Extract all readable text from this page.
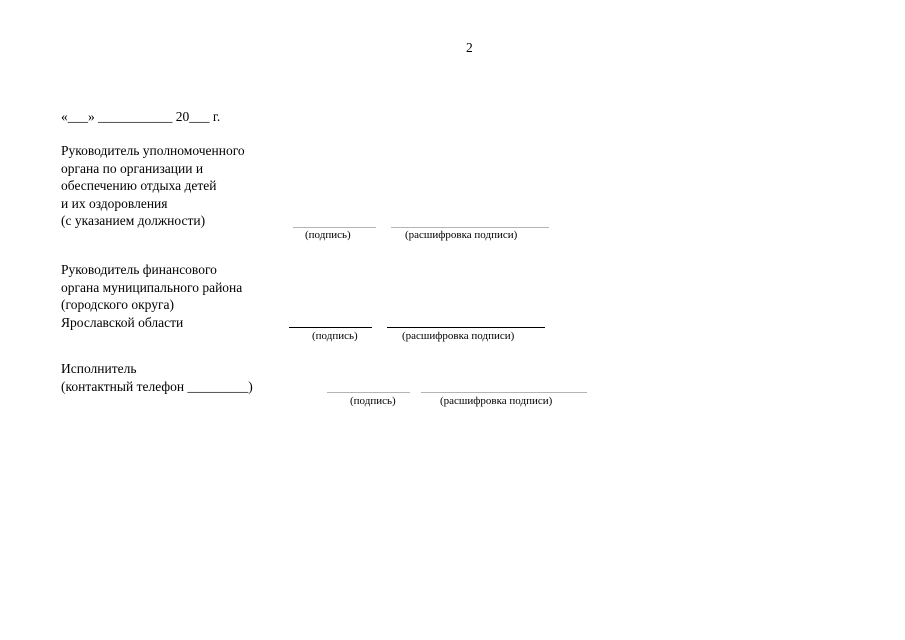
2
«___» ___________ 20___ г.
Руководитель уполномоченного
органа по организации и
обеспечению отдыха детей
и их оздоровления
(с указанием должности)
(подпись)	(расшифровка подписи)
Руководитель финансового
органа муниципального района
(городского округа)
Ярославской области
(подпись)	(расшифровка подписи)
Исполнитель
(контактный телефон _________)
(подпись)	(расшифровка подписи)
